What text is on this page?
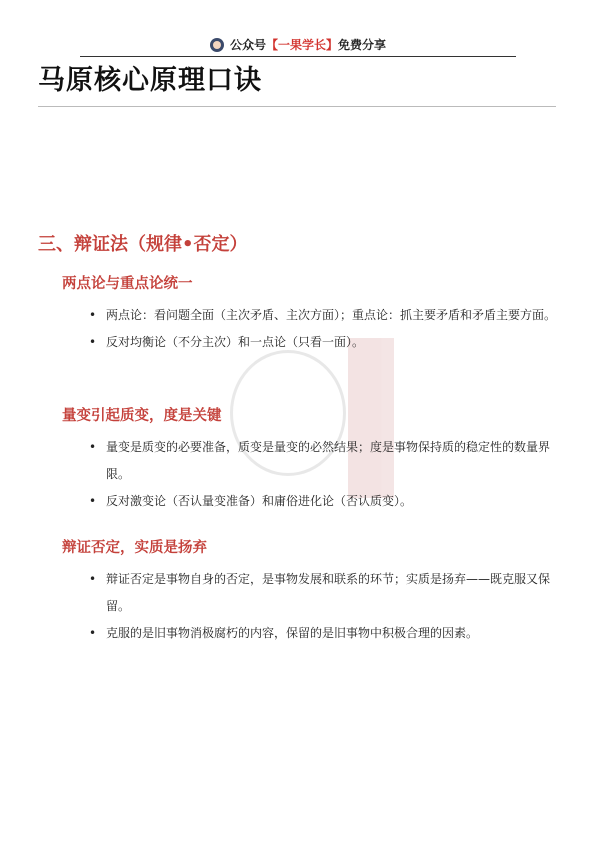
公众号 【一果学长】 免费分享
马原核心原理口诀
三、辩证法（规律•否定）
两点论与重点论统一
• 两点论：看问题全面（主次矛盾、主次方面）；重点论：抓主要矛盾和矛盾主要方面。
• 反对均衡论（不分主次）和一点论（只看一面）。
量变引起质变，度是关键
• 量变是质变的必要准备，质变是量变的必然结果；度是事物保持质的稳定性的数量界限。
• 反对激变论（否认量变准备）和庸俗进化论（否认质变）。
辩证否定，实质是扬弃
• 辩证否定是事物自身的否定，是事物发展和联系的环节；实质是扬弃——既克服又保留。
• 克服的是旧事物消极腐朽的内容，保留的是旧事物中积极合理的因素。
